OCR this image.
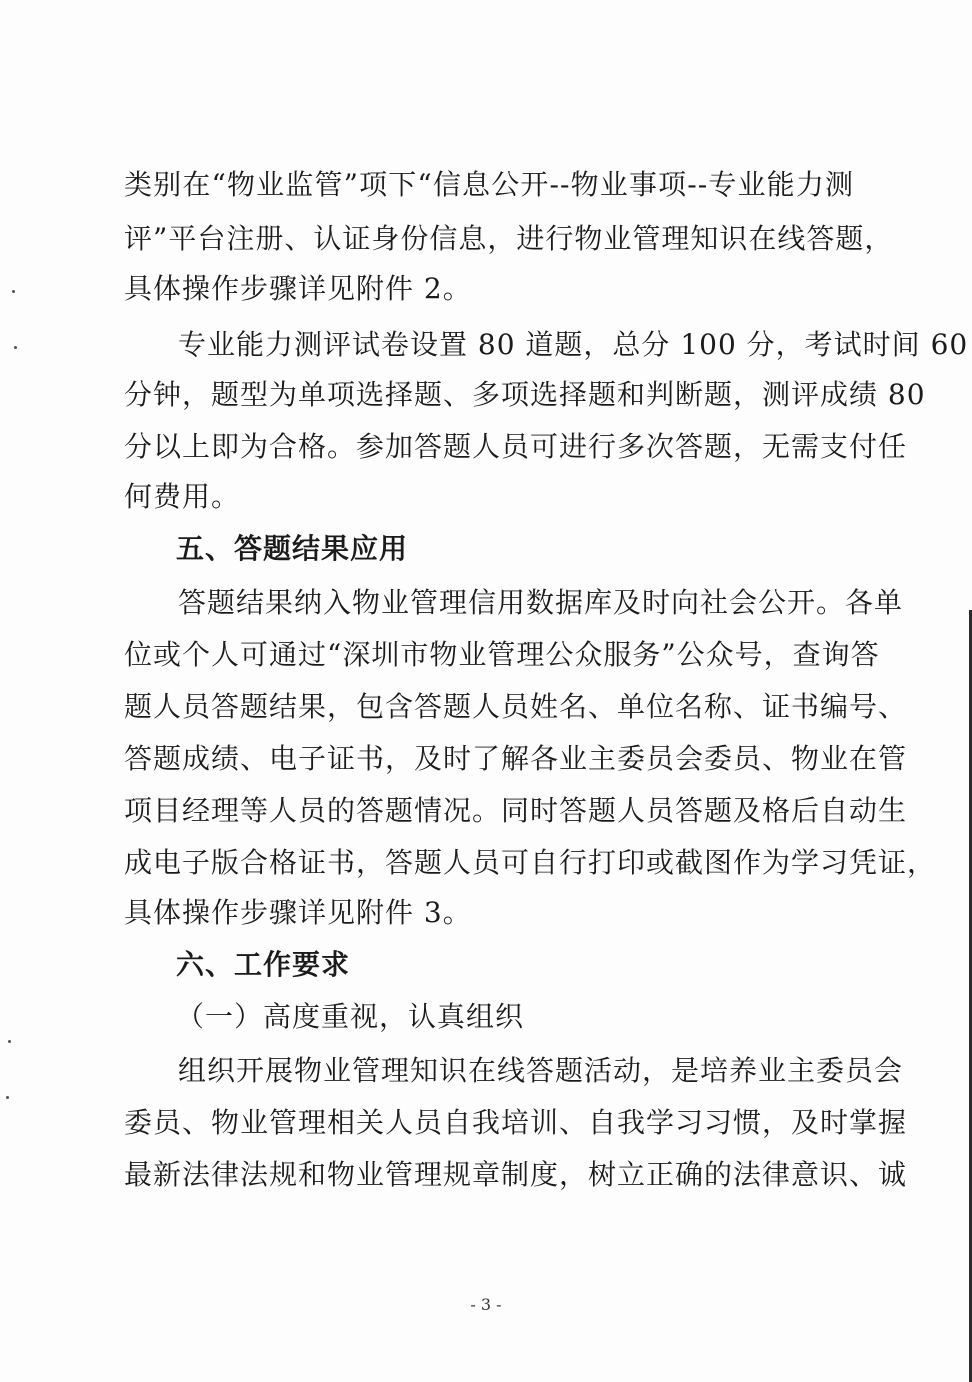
类别在“物业监管”项下“信息公开--物业事项--专业能力测
评”平台注册、认证身份信息，进行物业管理知识在线答题，
具体操作步骤详见附件 2。
专业能力测评试卷设置 80 道题，总分 100 分，考试时间 60
分钟，题型为单项选择题、多项选择题和判断题，测评成绩 80
分以上即为合格。参加答题人员可进行多次答题，无需支付任
何费用。
五、答题结果应用
答题结果纳入物业管理信用数据库及时向社会公开。各单
位或个人可通过“深圳市物业管理公众服务”公众号，查询答
题人员答题结果，包含答题人员姓名、单位名称、证书编号、
答题成绩、电子证书，及时了解各业主委员会委员、物业在管
项目经理等人员的答题情况。同时答题人员答题及格后自动生
成电子版合格证书，答题人员可自行打印或截图作为学习凭证，
具体操作步骤详见附件 3。
六、工作要求
（一）高度重视，认真组织
组织开展物业管理知识在线答题活动，是培养业主委员会
委员、物业管理相关人员自我培训、自我学习习惯，及时掌握
最新法律法规和物业管理规章制度，树立正确的法律意识、诚
- 3 -
